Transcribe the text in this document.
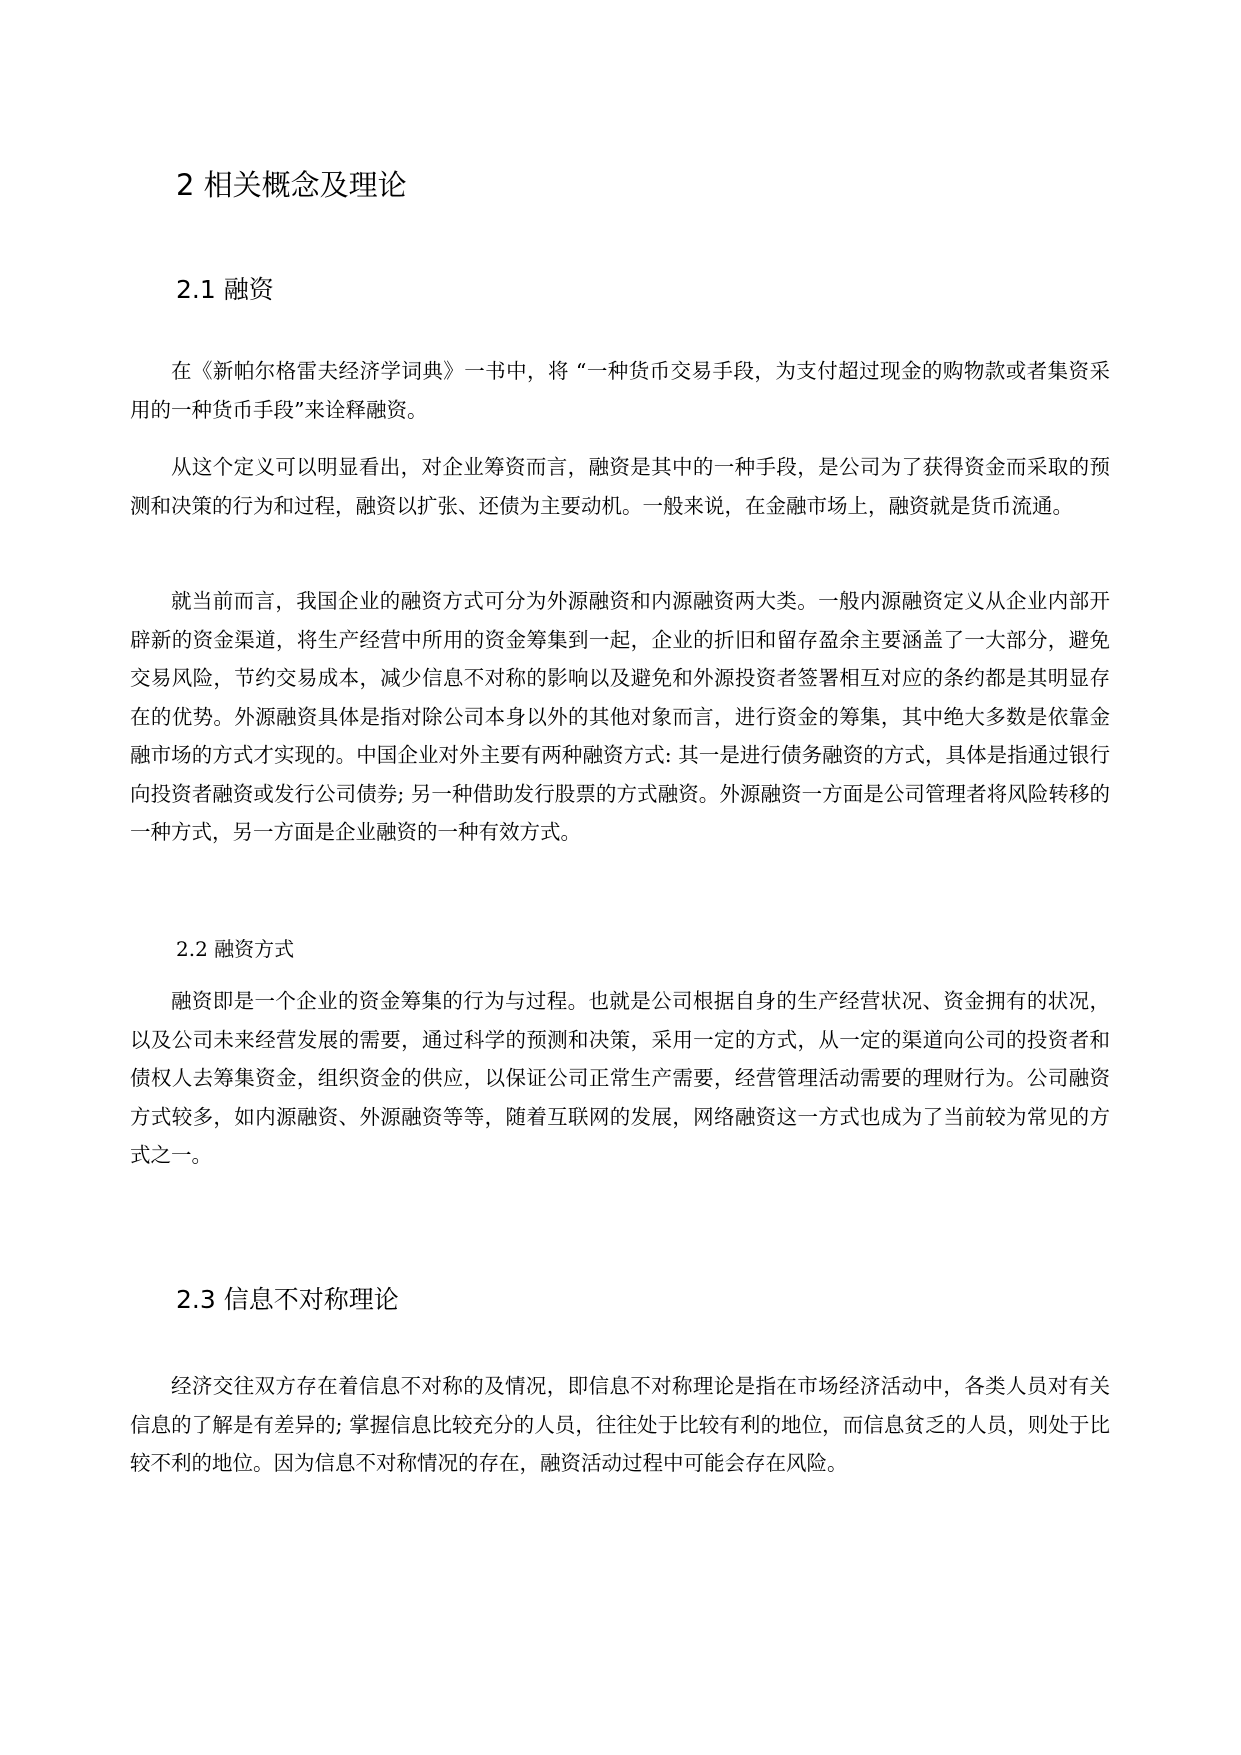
2 相关概念及理论
2.1 融资

在《新帕尔格雷夫经济学词典》一书中，将 “一种货币交易手段，为支付超过现金的购物款或者集资采用的一种货币手段”来诠释融资。

从这个定义可以明显看出，对企业筹资而言，融资是其中的一种手段，是公司为了获得资金而采取的预测和决策的行为和过程，融资以扩张、还债为主要动机。一般来说，在金融市场上，融资就是货币流通。

就当前而言，我国企业的融资方式可分为外源融资和内源融资两大类。一般内源融资定义从企业内部开辟新的资金渠道，将生产经营中所用的资金筹集到一起，企业的折旧和留存盈余主要涵盖了一大部分，避免交易风险，节约交易成本，减少信息不对称的影响以及避免和外源投资者签署相互对应的条约都是其明显存在的优势。外源融资具体是指对除公司本身以外的其他对象而言，进行资金的筹集，其中绝大多数是依靠金融市场的方式才实现的。中国企业对外主要有两种融资方式: 其一是进行债务融资的方式，具体是指通过银行向投资者融资或发行公司债券; 另一种借助发行股票的方式融资。外源融资一方面是公司管理者将风险转移的一种方式，另一方面是企业融资的一种有效方式。

2.2 融资方式

融资即是一个企业的资金筹集的行为与过程。也就是公司根据自身的生产经营状况、资金拥有的状况，以及公司未来经营发展的需要，通过科学的预测和决策，采用一定的方式，从一定的渠道向公司的投资者和债权人去筹集资金，组织资金的供应，以保证公司正常生产需要，经营管理活动需要的理财行为。公司融资方式较多，如内源融资、外源融资等等，随着互联网的发展，网络融资这一方式也成为了当前较为常见的方式之一。

2.3 信息不对称理论

经济交往双方存在着信息不对称的及情况，即信息不对称理论是指在市场经济活动中，各类人员对有关信息的了解是有差异的; 掌握信息比较充分的人员，往往处于比较有利的地位，而信息贫乏的人员，则处于比较不利的地位。因为信息不对称情况的存在，融资活动过程中可能会存在风险。
